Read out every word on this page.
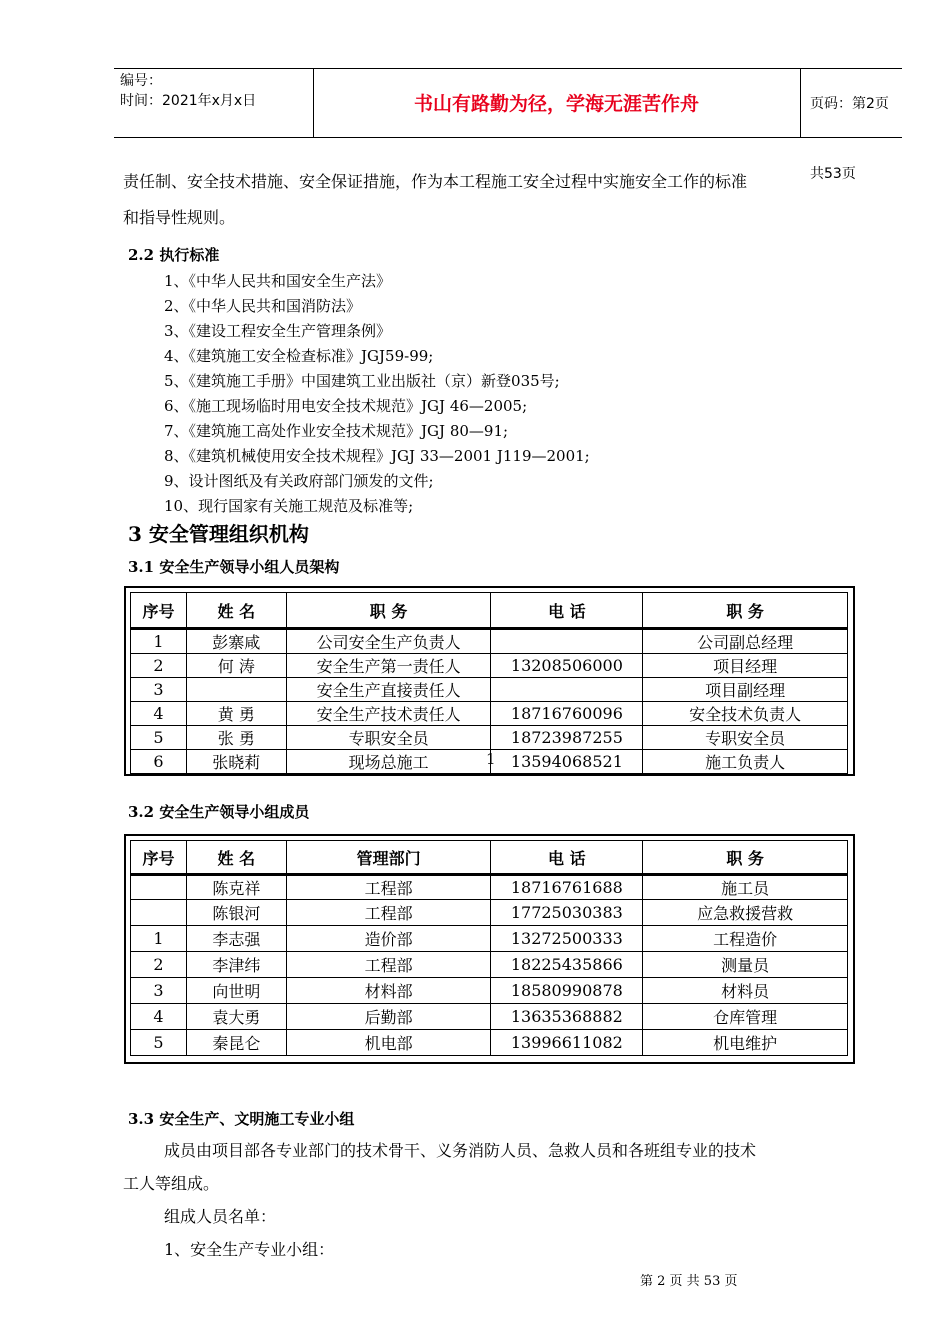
编号：
时间：2021年x月x日	书山有路勤为径，学海无涯苦作舟	页码：第2页 共53页
责任制、安全技术措施、安全保证措施，作为本工程施工安全过程中实施安全工作的标准
和指导性规则。
2.2 执行标准
1、《中华人民共和国安全生产法》
2、《中华人民共和国消防法》
3、《建设工程安全生产管理条例》
4、《建筑施工安全检查标准》JGJ59-99;
5、《建筑施工手册》中国建筑工业出版社（京）新登035号;
6、《施工现场临时用电安全技术规范》JGJ 46—2005;
7、《建筑施工高处作业安全技术规范》JGJ 80—91;
8、《建筑机械使用安全技术规程》JGJ 33—2001 J119—2001;
9、设计图纸及有关政府部门颁发的文件;
10、现行国家有关施工规范及标准等;
3 安全管理组织机构
3.1 安全生产领导小组人员架构
序号	姓 名	职 务	电 话	职 务
1	彭寨咸	公司安全生产负责人		公司副总经理
2	何 涛	安全生产第一责任人	13208506000	项目经理
3		安全生产直接责任人		项目副经理
4	黄 勇	安全生产技术责任人	18716760096	安全技术负责人
5	张 勇	专职安全员	18723987255	专职安全员
6	张晓莉	现场总施工	13594068521	施工负责人
1
3.2 安全生产领导小组成员
序号	姓 名	管理部门	电 话	职 务
	陈克祥	工程部	18716761688	施工员
	陈银河	工程部	17725030383	应急救援营救
1	李志强	造价部	13272500333	工程造价
2	李津纬	工程部	18225435866	测量员
3	向世明	材料部	18580990878	材料员
4	袁大勇	后勤部	13635368882	仓库管理
5	秦昆仑	机电部	13996611082	机电维护
3.3 安全生产、文明施工专业小组
成员由项目部各专业部门的技术骨干、义务消防人员、急救人员和各班组专业的技术
工人等组成。
组成人员名单：
1、安全生产专业小组：
第 2 页 共 53 页
